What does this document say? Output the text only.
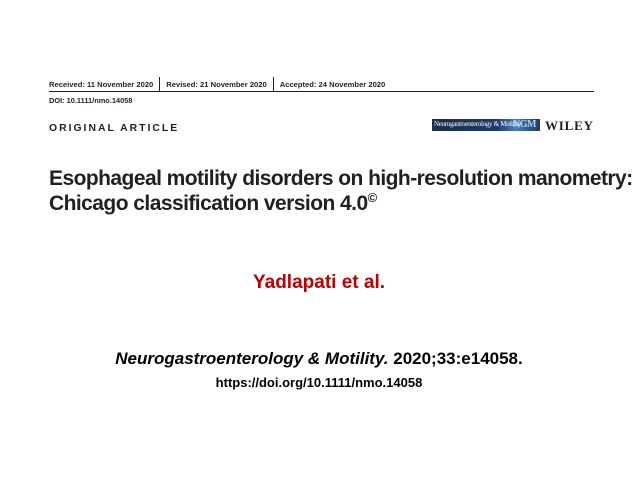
Received: 11 November 2020 Revised: 21 November 2020 Accepted: 24 November 2020
DOI: 10.1111/nmo.14058
ORIGINAL ARTICLE	Neurogastroenterology & Motility
NGM WILEY
Esophageal motility disorders on high-resolution manometry:
Chicago classification version 4.0©
Yadlapati et al.
Neurogastroenterology & Motility. 2020;33:e14058.
https://doi.org/10.1111/nmo.14058
